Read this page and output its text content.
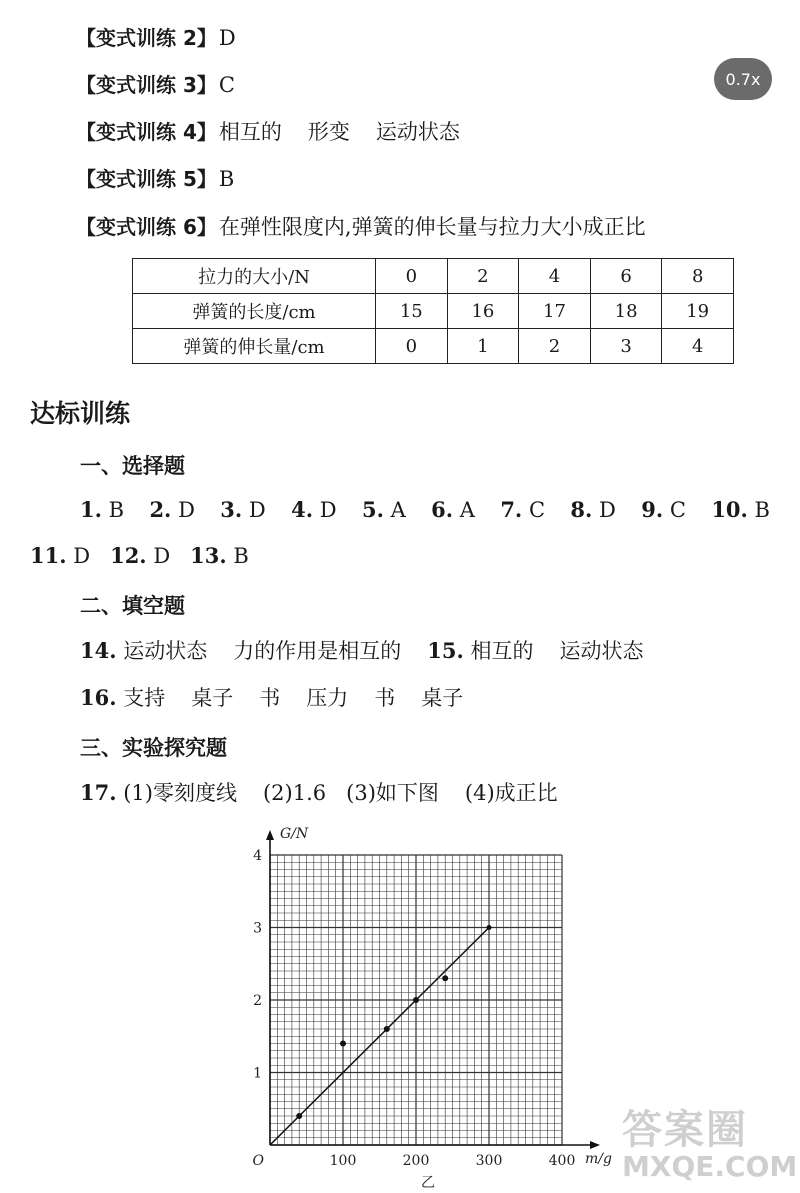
0.7x
【变式训练 2】D
【变式训练 3】C
【变式训练 4】相互的 形变 运动状态
【变式训练 5】B
【变式训练 6】在弹性限度内,弹簧的伸长量与拉力大小成正比
拉力的大小/N	0	2	4	6	8
弹簧的长度/cm	15	16	17	18	19
弹簧的伸长量/cm	0	1	2	3	4
达标训练
一、选择题
1. B 2. D 3. D 4. D 5. A 6. A 7. C 8. D 9. C 10. B
11. D 12. D 13. B
二、填空题
14. 运动状态 力的作用是相互的 15. 相互的 运动状态
16. 支持 桌子 书 压力 书 桌子
三、实验探究题
17. (1)零刻度线 (2)1.6 (3)如下图 (4)成正比
100	200	300	400
1
2
3
4
O	m/g
G/N
乙
答案圈
MXQE.COM
